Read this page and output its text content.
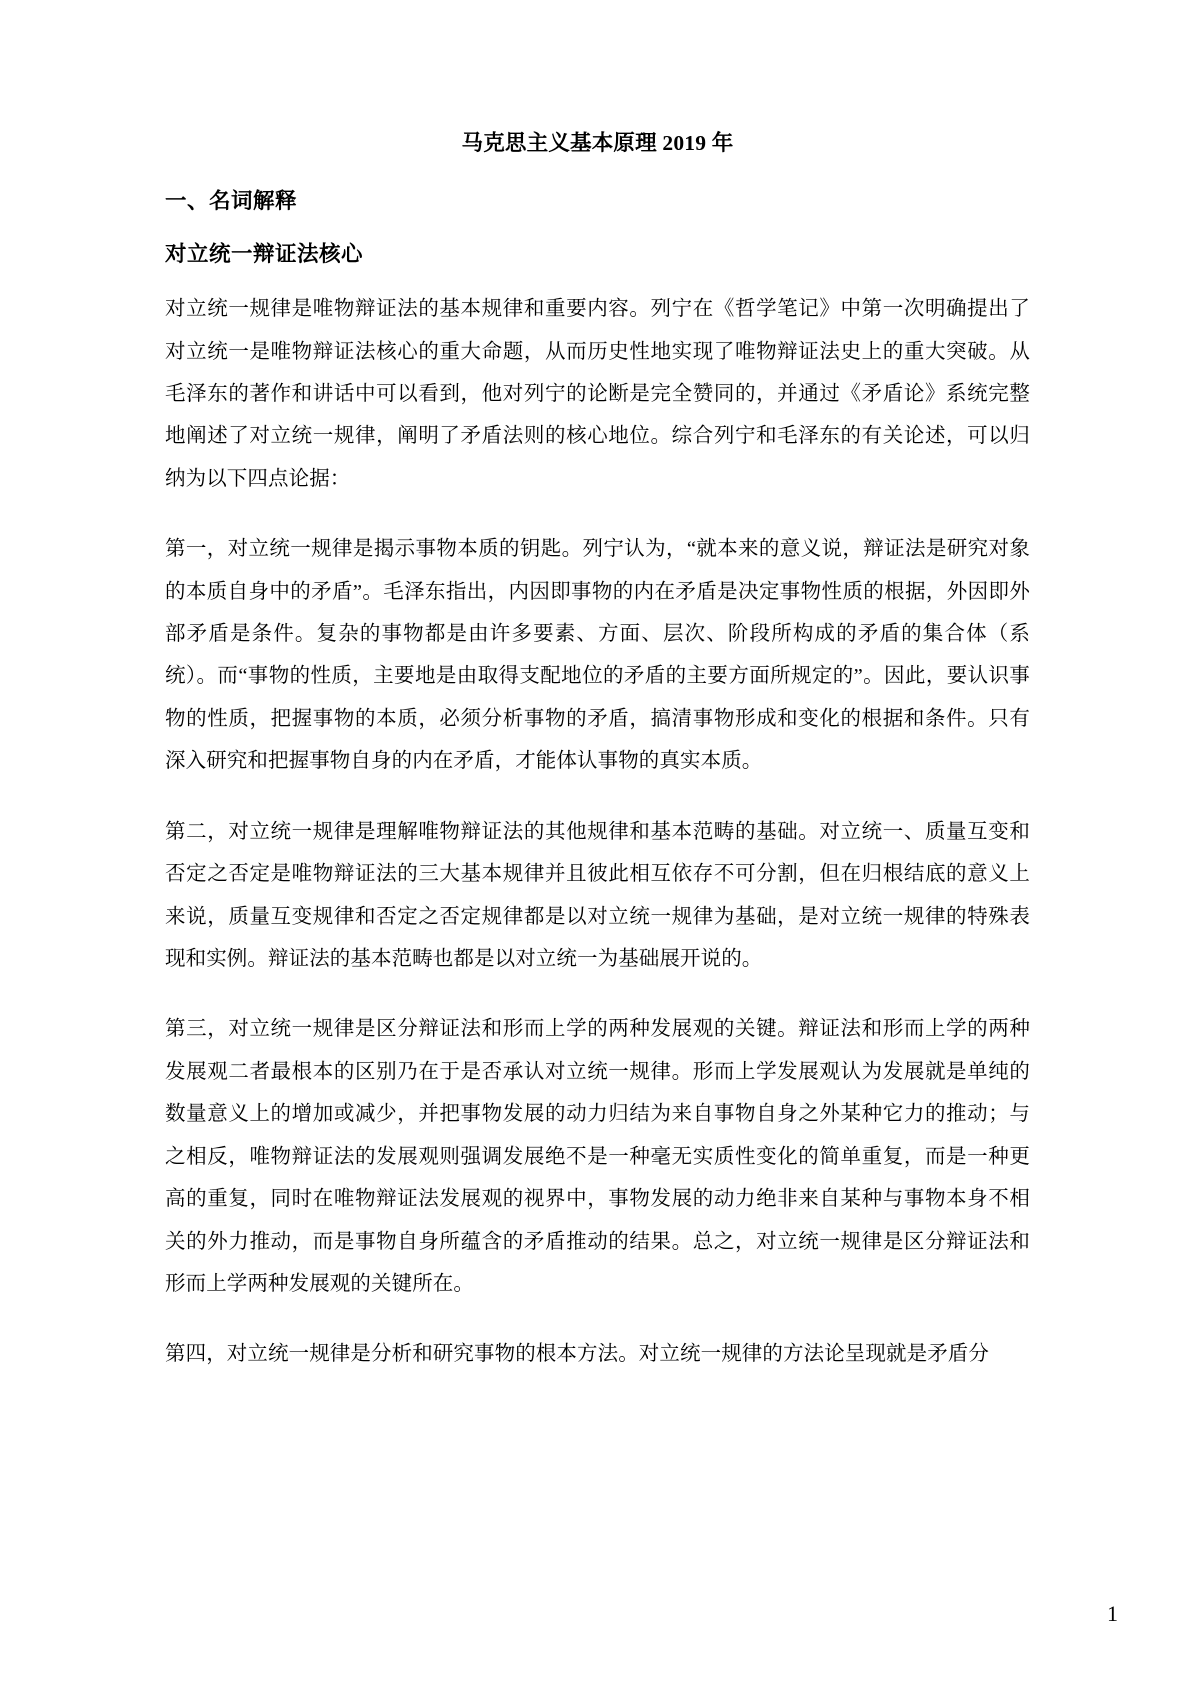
马克思主义基本原理 2019 年
一、名词解释
对立统一辩证法核心

对立统一规律是唯物辩证法的基本规律和重要内容。列宁在《哲学笔记》中第一次明确提出了对立统一是唯物辩证法核心的重大命题，从而历史性地实现了唯物辩证法史上的重大突破。从毛泽东的著作和讲话中可以看到，他对列宁的论断是完全赞同的，并通过《矛盾论》系统完整地阐述了对立统一规律，阐明了矛盾法则的核心地位。综合列宁和毛泽东的有关论述，可以归纳为以下四点论据：

第一，对立统一规律是揭示事物本质的钥匙。列宁认为，“就本来的意义说，辩证法是研究对象的本质自身中的矛盾”。毛泽东指出，内因即事物的内在矛盾是决定事物性质的根据，外因即外部矛盾是条件。复杂的事物都是由许多要素、方面、层次、阶段所构成的矛盾的集合体（系统）。而“事物的性质，主要地是由取得支配地位的矛盾的主要方面所规定的”。因此，要认识事物的性质，把握事物的本质，必须分析事物的矛盾，搞清事物形成和变化的根据和条件。只有深入研究和把握事物自身的内在矛盾，才能体认事物的真实本质。

第二，对立统一规律是理解唯物辩证法的其他规律和基本范畴的基础。对立统一、质量互变和否定之否定是唯物辩证法的三大基本规律并且彼此相互依存不可分割，但在归根结底的意义上来说，质量互变规律和否定之否定规律都是以对立统一规律为基础，是对立统一规律的特殊表现和实例。辩证法的基本范畴也都是以对立统一为基础展开说的。

第三，对立统一规律是区分辩证法和形而上学的两种发展观的关键。辩证法和形而上学的两种发展观二者最根本的区别乃在于是否承认对立统一规律。形而上学发展观认为发展就是单纯的数量意义上的增加或减少，并把事物发展的动力归结为来自事物自身之外某种它力的推动；与之相反，唯物辩证法的发展观则强调发展绝不是一种毫无实质性变化的简单重复，而是一种更高的重复，同时在唯物辩证法发展观的视界中，事物发展的动力绝非来自某种与事物本身不相关的外力推动，而是事物自身所蕴含的矛盾推动的结果。总之，对立统一规律是区分辩证法和形而上学两种发展观的关键所在。

第四，对立统一规律是分析和研究事物的根本方法。对立统一规律的方法论呈现就是矛盾分

1
